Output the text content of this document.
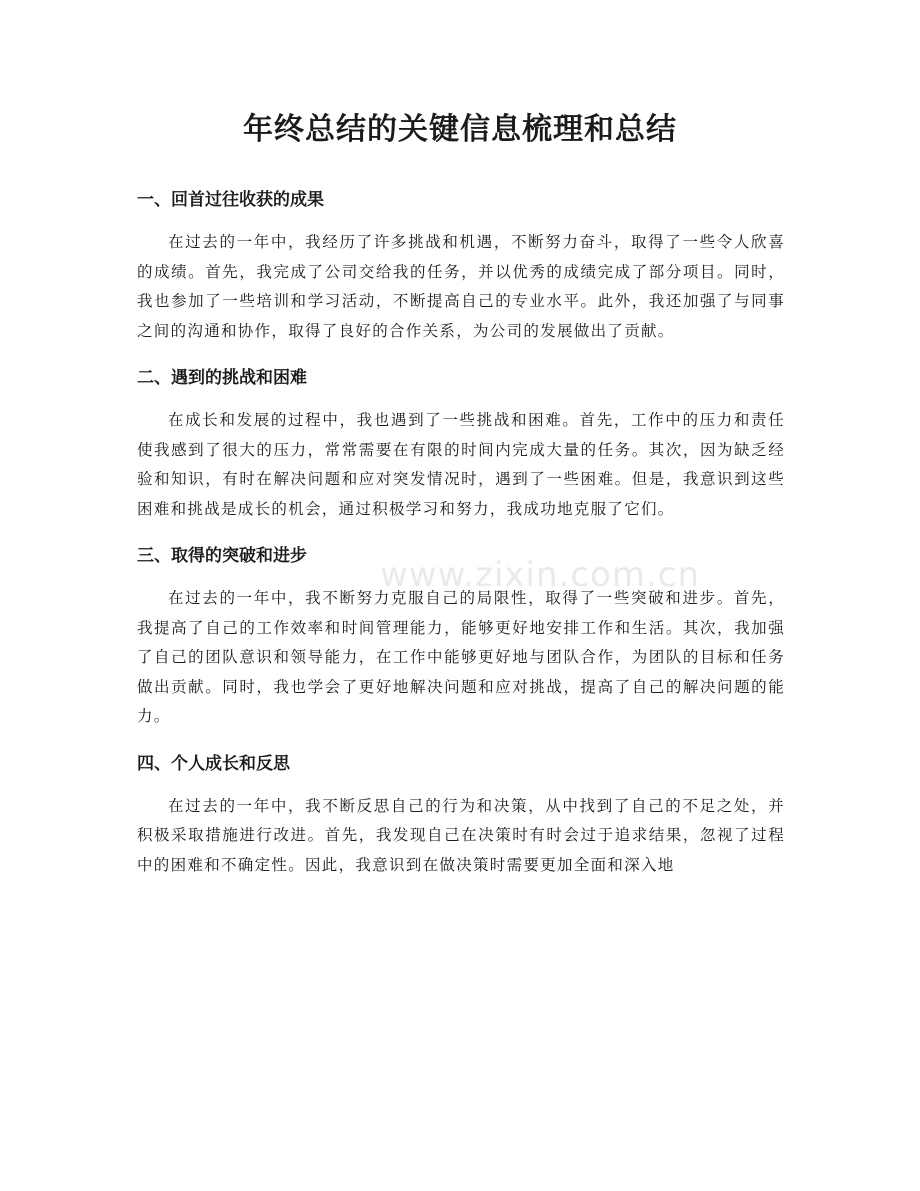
年终总结的关键信息梳理和总结
www.zixin.com.cn
一、回首过往收获的成果

在过去的一年中，我经历了许多挑战和机遇，不断努力奋斗，取得了一些令人欣喜的成绩。首先，我完成了公司交给我的任务，并以优秀的成绩完成了部分项目。同时，我也参加了一些培训和学习活动，不断提高自己的专业水平。此外，我还加强了与同事之间的沟通和协作，取得了良好的合作关系，为公司的发展做出了贡献。

二、遇到的挑战和困难

在成长和发展的过程中，我也遇到了一些挑战和困难。首先，工作中的压力和责任使我感到了很大的压力，常常需要在有限的时间内完成大量的任务。其次，因为缺乏经验和知识，有时在解决问题和应对突发情况时，遇到了一些困难。但是，我意识到这些困难和挑战是成长的机会，通过积极学习和努力，我成功地克服了它们。

三、取得的突破和进步

在过去的一年中，我不断努力克服自己的局限性，取得了一些突破和进步。首先，我提高了自己的工作效率和时间管理能力，能够更好地安排工作和生活。其次，我加强了自己的团队意识和领导能力，在工作中能够更好地与团队合作，为团队的目标和任务做出贡献。同时，我也学会了更好地解决问题和应对挑战，提高了自己的解决问题的能力。

四、个人成长和反思

在过去的一年中，我不断反思自己的行为和决策，从中找到了自己的不足之处，并积极采取措施进行改进。首先，我发现自己在决策时有时会过于追求结果，忽视了过程中的困难和不确定性。因此，我意识到在做决策时需要更加全面和深入地
